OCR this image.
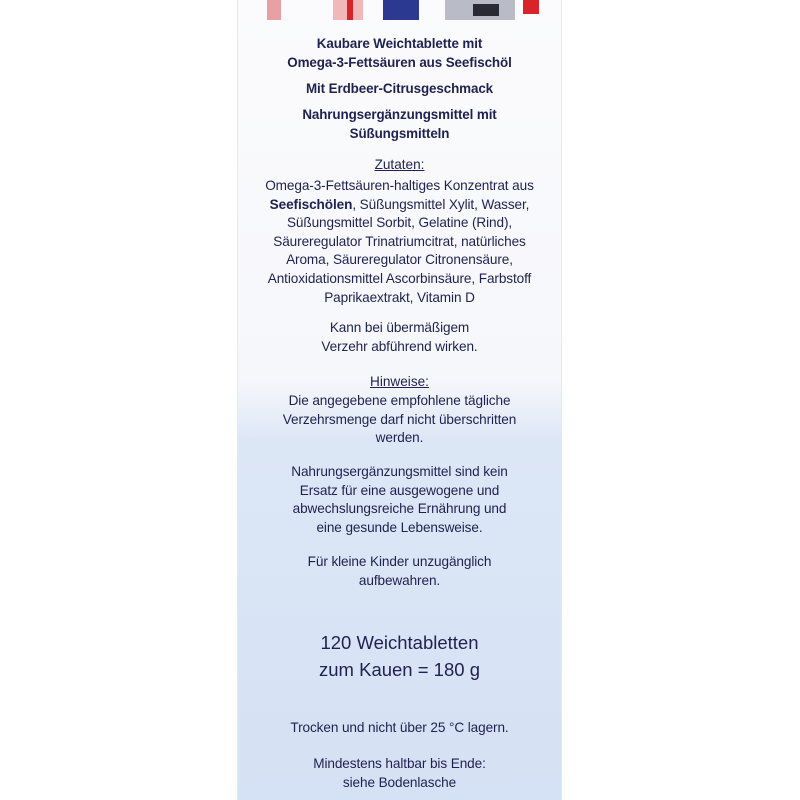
Kaubare Weichtablette mit
Omega-3-Fettsäuren aus Seefischöl

Mit Erdbeer-Citrusgeschmack

Nahrungsergänzungsmittel mit
Süßungsmitteln

Zutaten:

Omega-3-Fettsäuren-haltiges Konzentrat aus
Seefischölen, Süßungsmittel Xylit, Wasser,
Süßungsmittel Sorbit, Gelatine (Rind),
Säureregulator Trinatriumcitrat, natürliches
Aroma, Säureregulator Citronensäure,
Antioxidationsmittel Ascorbinsäure, Farbstoff
Paprikaextrakt, Vitamin D

Kann bei übermäßigem
Verzehr abführend wirken.

Hinweise:

Die angegebene empfohlene tägliche
Verzehrsmenge darf nicht überschritten
werden.

Nahrungsergänzungsmittel sind kein
Ersatz für eine ausgewogene und
abwechslungsreiche Ernährung und
eine gesunde Lebensweise.

Für kleine Kinder unzugänglich
aufbewahren.

120 Weichtabletten
zum Kauen = 180 g

Trocken und nicht über 25 °C lagern.

Mindestens haltbar bis Ende:
siehe Bodenlasche
